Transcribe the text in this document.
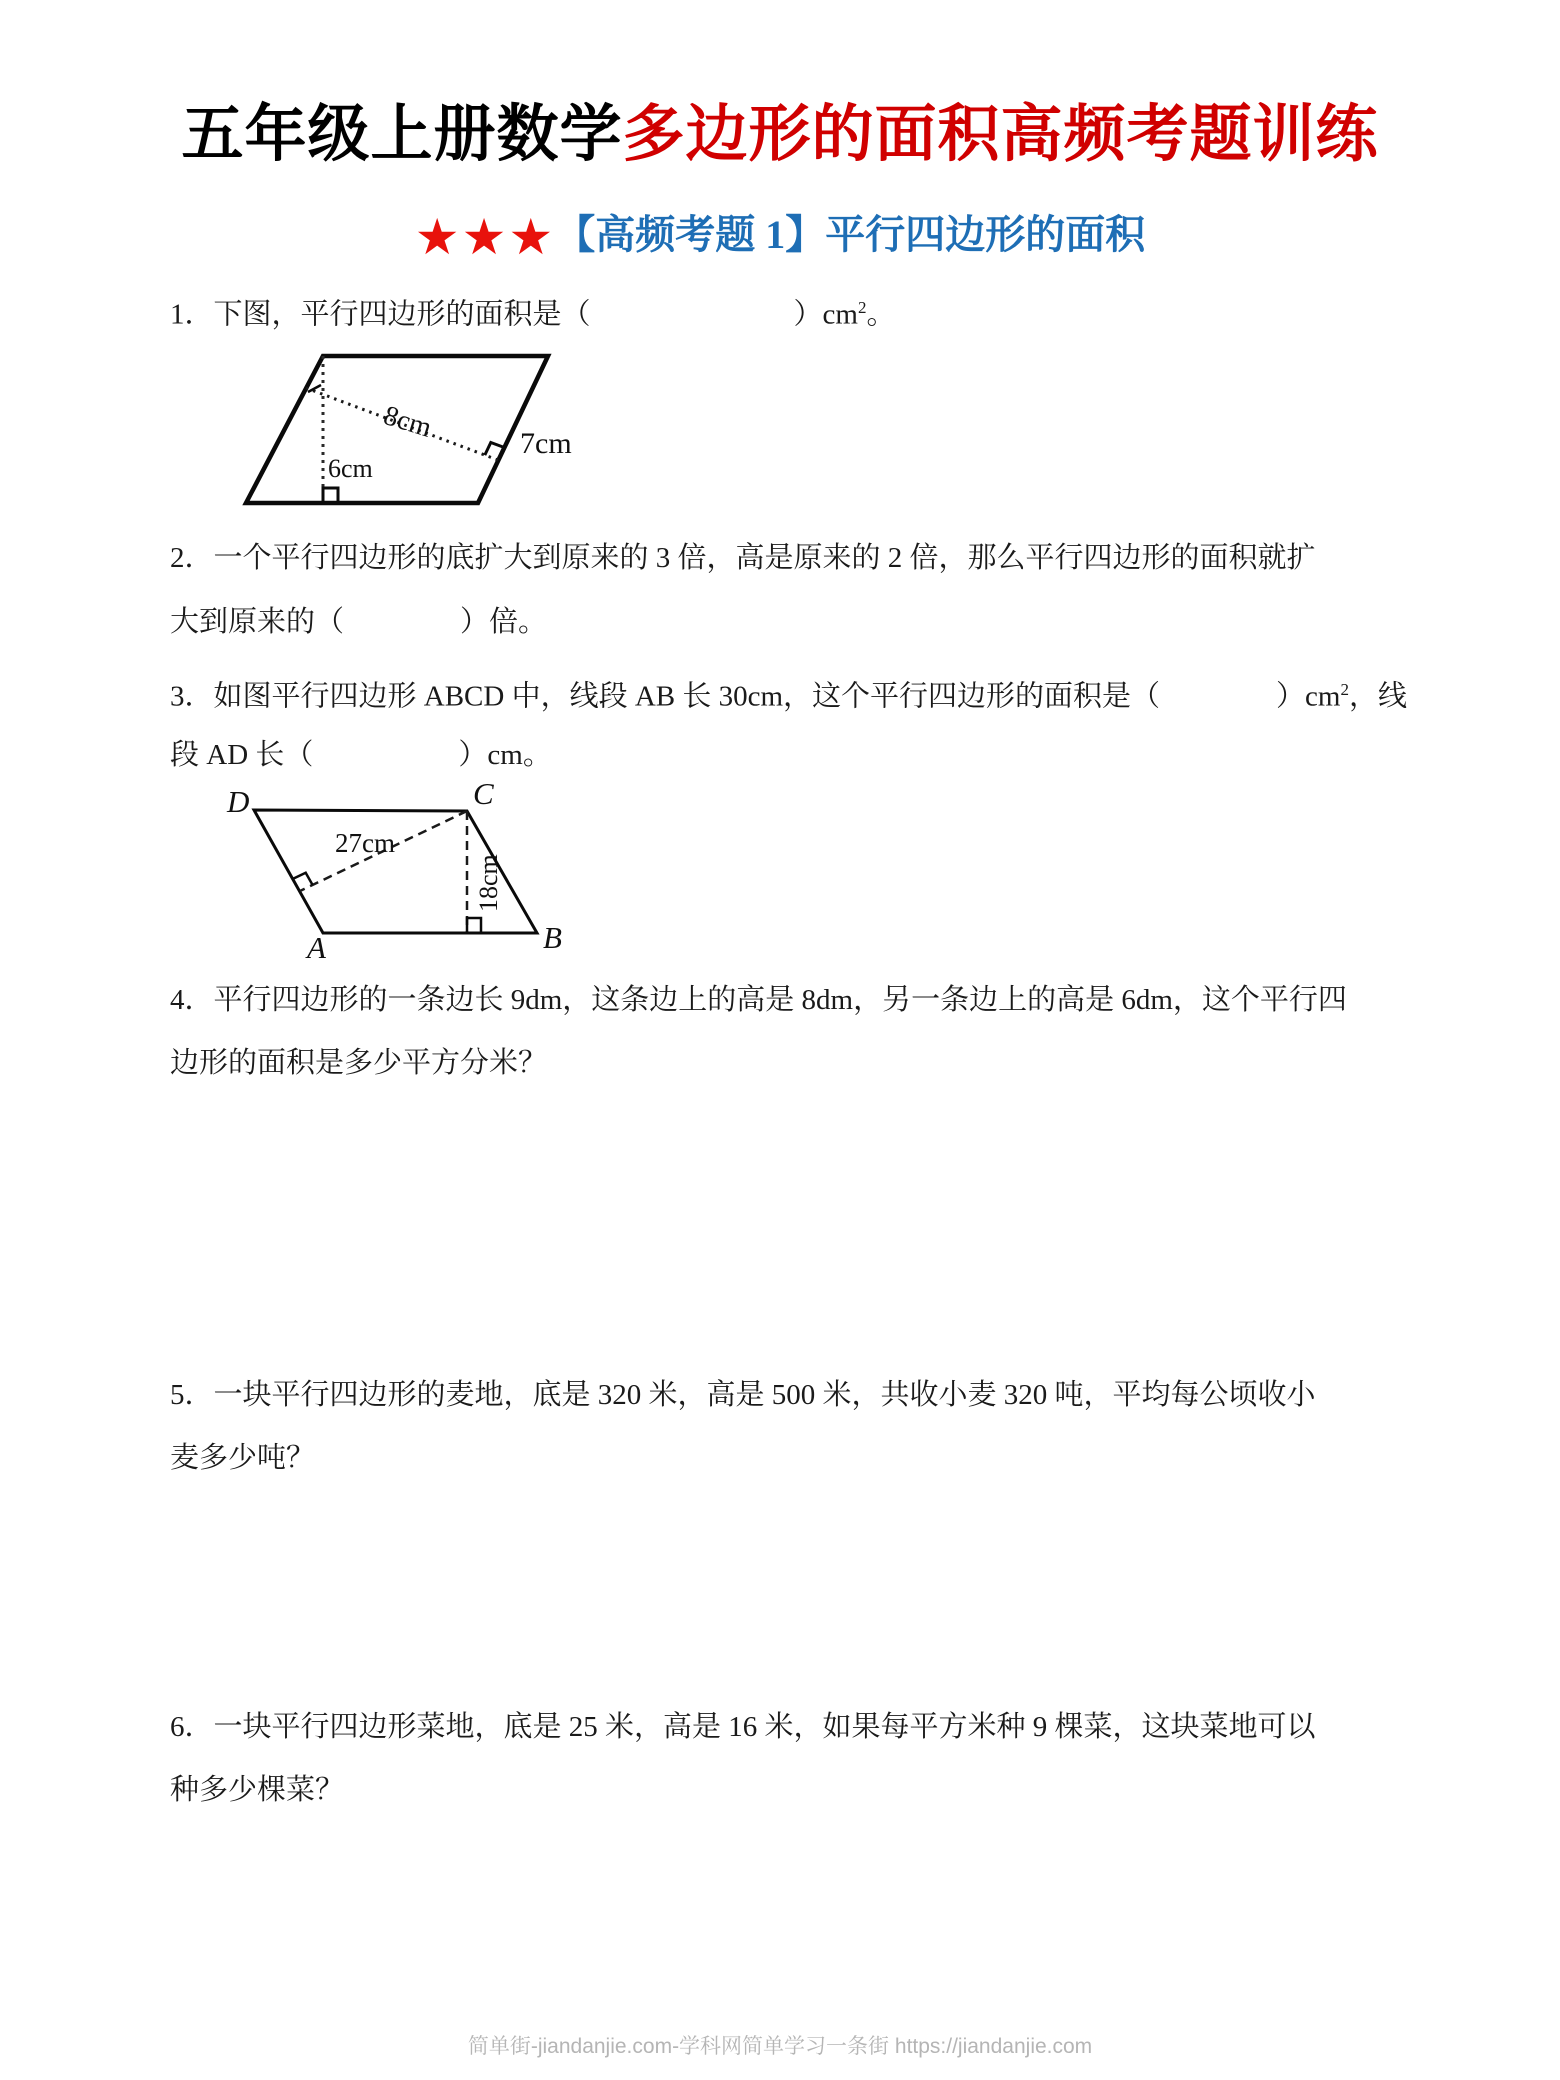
五年级上册数学多边形的面积高频考题训练
★★★【高频考题 1】平行四边形的面积
1．下图，平行四边形的面积是（　　　　　　　）$cm^2$。
8cm
6cm
7cm
2．一个平行四边形的底扩大到原来的 3 倍，高是原来的 2 倍，那么平行四边形的面积就扩
大到原来的（　　　　）倍。
3．如图平行四边形 ABCD 中，线段 AB 长 30cm，这个平行四边形的面积是（　　　　）$cm^2$，线
段 AD 长（　　　　　）cm。
D	C
A	B
27cm
18cm
4．平行四边形的一条边长 9dm，这条边上的高是 8dm，另一条边上的高是 6dm，这个平行四
边形的面积是多少平方分米？
5．一块平行四边形的麦地，底是 320 米，高是 500 米，共收小麦 320 吨，平均每公顷收小
麦多少吨？
6．一块平行四边形菜地，底是 25 米，高是 16 米，如果每平方米种 9 棵菜，这块菜地可以
种多少棵菜？
简单街-jiandanjie.com-学科网简单学习一条街 https://jiandanjie.com
